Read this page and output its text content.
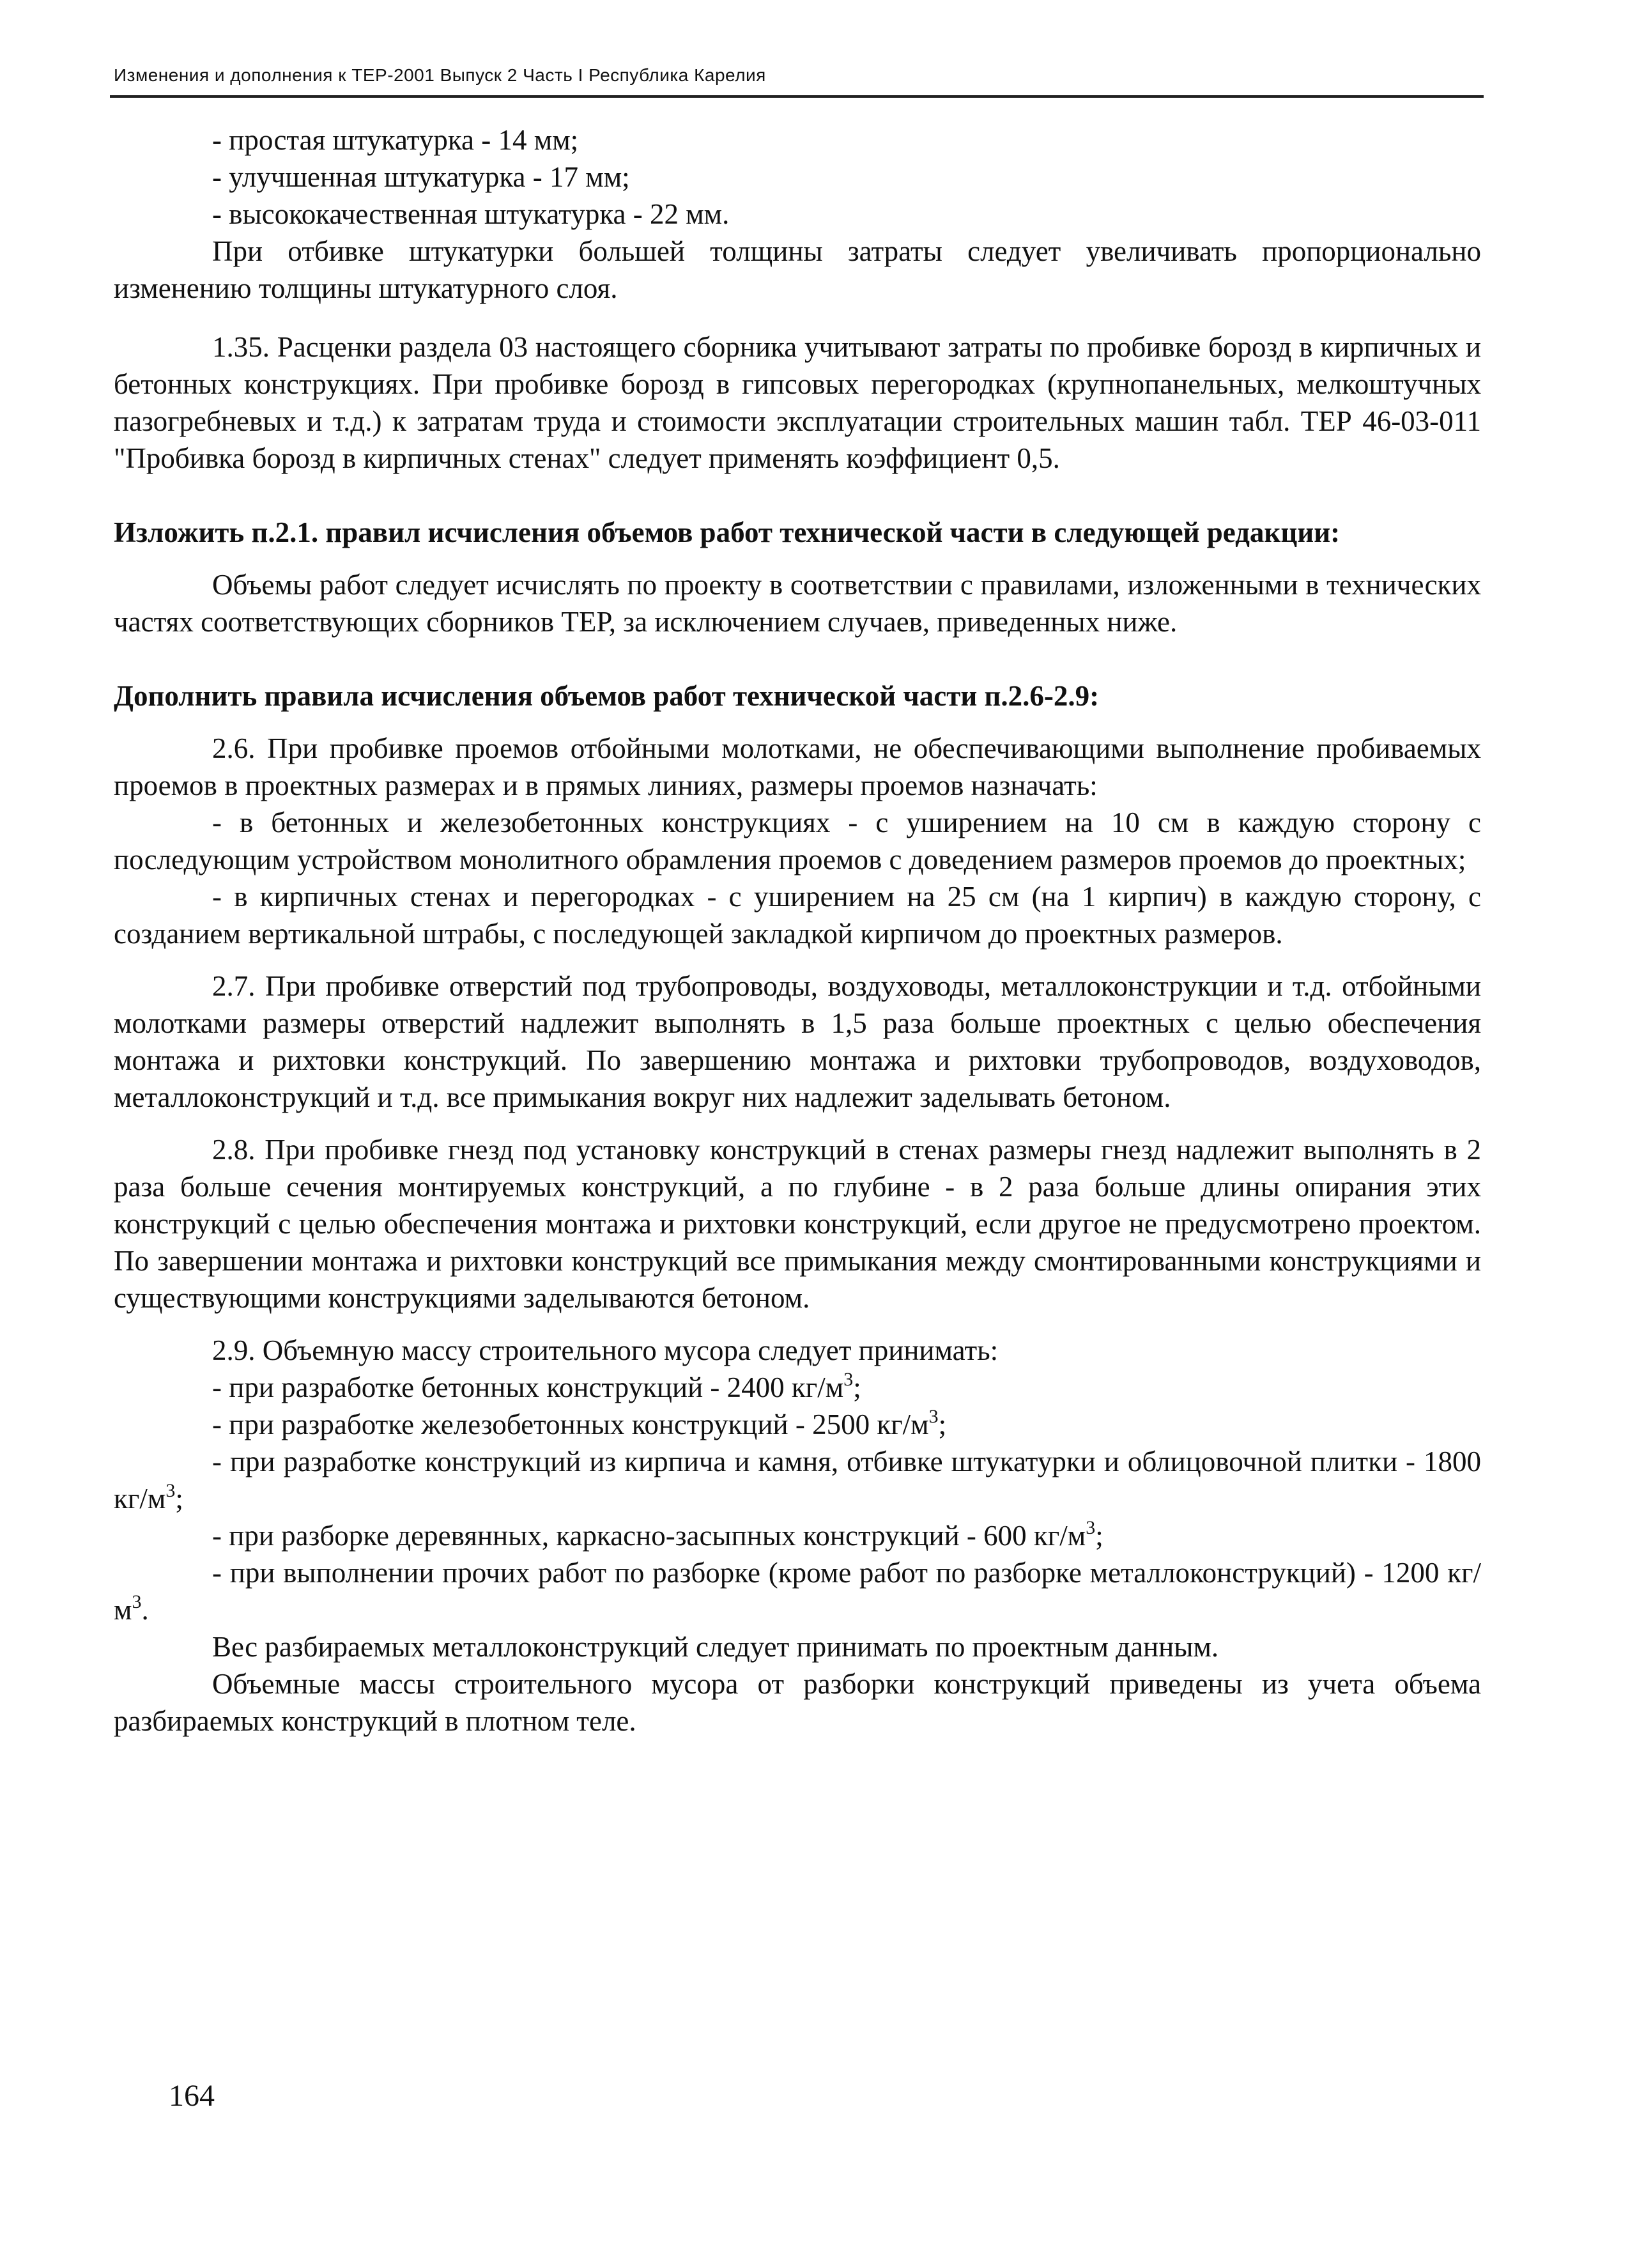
Изменения и дополнения к ТЕР-2001 Выпуск 2 Часть I Республика Карелия

- простая штукатурка - 14 мм;

- улучшенная штукатурка - 17 мм;

- высококачественная штукатурка - 22 мм.

При отбивке штукатурки большей толщины затраты следует увеличивать пропорционально изменению толщины штукатурного слоя.

1.35. Расценки раздела 03 настоящего сборника учитывают затраты по пробивке борозд в кирпичных и бетонных конструкциях. При пробивке борозд в гипсовых перегородках (крупнопанельных, мелкоштучных пазогребневых и т.д.) к затратам труда и стоимости эксплуатации строительных машин табл. ТЕР 46-03-011 "Пробивка борозд в кирпичных стенах" следует применять коэффициент 0,5.

Изложить п.2.1. правил исчисления объемов работ технической части в следующей редакции:

Объемы работ следует исчислять по проекту в соответствии с правилами, изложенными в технических частях соответствующих сборников ТЕР, за исключением случаев, приведенных ниже.

Дополнить правила исчисления объемов работ технической части п.2.6-2.9:

2.6. При пробивке проемов отбойными молотками, не обеспечивающими выполнение пробиваемых проемов в проектных размерах и в прямых линиях, размеры проемов назначать:

- в бетонных и железобетонных конструкциях - с уширением на 10 см в каждую сторону с последующим устройством монолитного обрамления проемов с доведением размеров проемов до проектных;

- в кирпичных стенах и перегородках - с уширением на 25 см (на 1 кирпич) в каждую сторону, с созданием вертикальной штрабы, с последующей закладкой кирпичом до проектных размеров.

2.7. При пробивке отверстий под трубопроводы, воздуховоды, металлоконструкции и т.д. отбойными молотками размеры отверстий надлежит выполнять в 1,5 раза больше проектных с целью обеспечения монтажа и рихтовки конструкций. По завершению монтажа и рихтовки трубопроводов, воздуховодов, металлоконструкций и т.д. все примыкания вокруг них надлежит заделывать бетоном.

2.8. При пробивке гнезд под установку конструкций в стенах размеры гнезд надлежит выполнять в 2 раза больше сечения монтируемых конструкций, а по глубине - в 2 раза больше длины опирания этих конструкций с целью обеспечения монтажа и рихтовки конструкций, если другое не предусмотрено проектом. По завершении монтажа и рихтовки конструкций все примыкания между смонтированными конструкциями и существующими конструкциями заделываются бетоном.

2.9. Объемную массу строительного мусора следует принимать:

- при разработке бетонных конструкций - 2400 $кг/м^3$;

- при разработке железобетонных конструкций - 2500 $кг/м^3$;

- при разработке конструкций из кирпича и камня, отбивке штукатурки и облицовочной плитки - 1800 $кг/м^3$;

- при разборке деревянных, каркасно-засыпных конструкций - 600 $кг/м^3$;

- при выполнении прочих работ по разборке (кроме работ по разборке металлоконструкций) - 1200 $кг/м^3$.

Вес разбираемых металлоконструкций следует принимать по проектным данным.

Объемные массы строительного мусора от разборки конструкций приведены из учета объема разбираемых конструкций в плотном теле.

164
